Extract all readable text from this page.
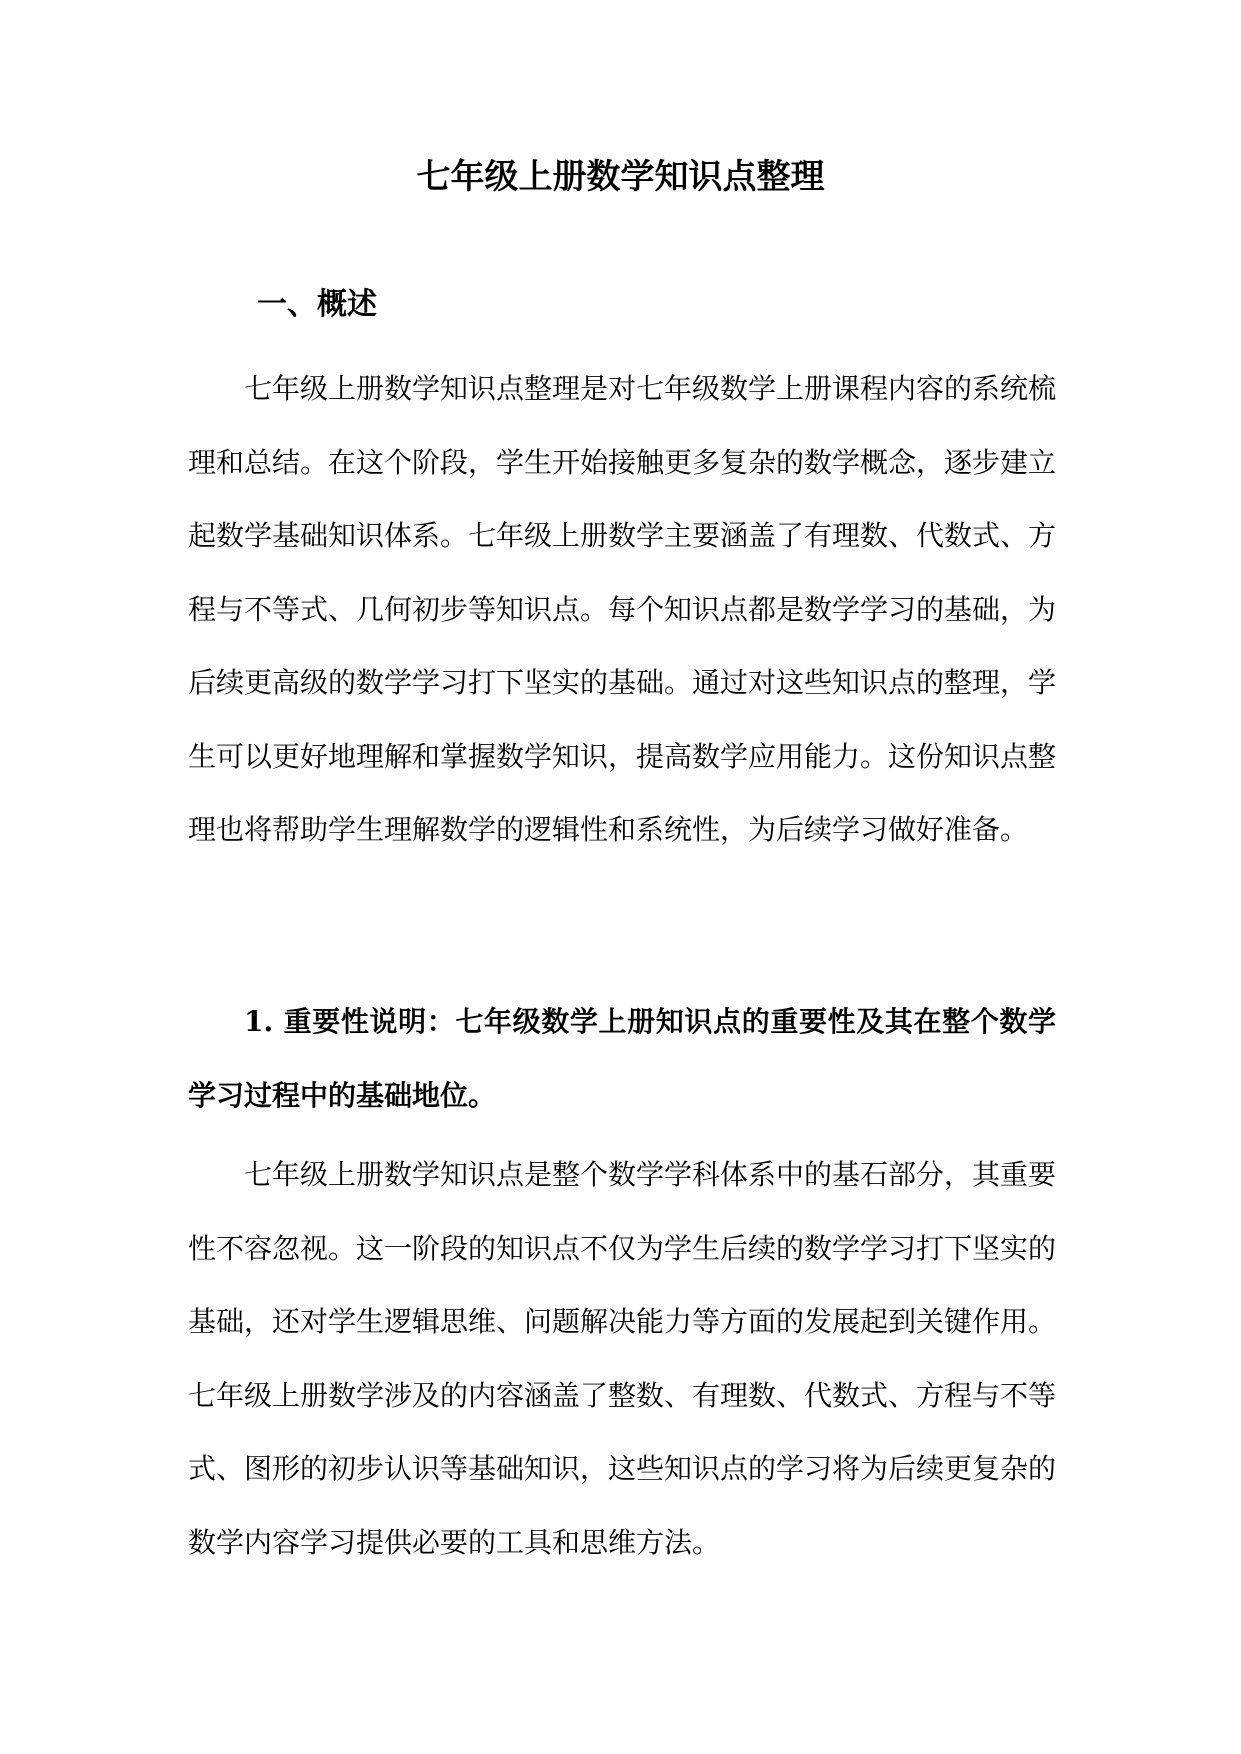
七年级上册数学知识点整理
一、概述

七年级上册数学知识点整理是对七年级数学上册课程内容的系统梳理和总结。在这个阶段，学生开始接触更多复杂的数学概念，逐步建立起数学基础知识体系。七年级上册数学主要涵盖了有理数、代数式、方程与不等式、几何初步等知识点。每个知识点都是数学学习的基础，为后续更高级的数学学习打下坚实的基础。通过对这些知识点的整理，学生可以更好地理解和掌握数学知识，提高数学应用能力。这份知识点整理也将帮助学生理解数学的逻辑性和系统性，为后续学习做好准备。

1. 重要性说明：七年级数学上册知识点的重要性及其在整个数学学习过程中的基础地位。

七年级上册数学知识点是整个数学学科体系中的基石部分，其重要性不容忽视。这一阶段的知识点不仅为学生后续的数学学习打下坚实的基础，还对学生逻辑思维、问题解决能力等方面的发展起到关键作用。七年级上册数学涉及的内容涵盖了整数、有理数、代数式、方程与不等式、图形的初步认识等基础知识，这些知识点的学习将为后续更复杂的数学内容学习提供必要的工具和思维方法。
